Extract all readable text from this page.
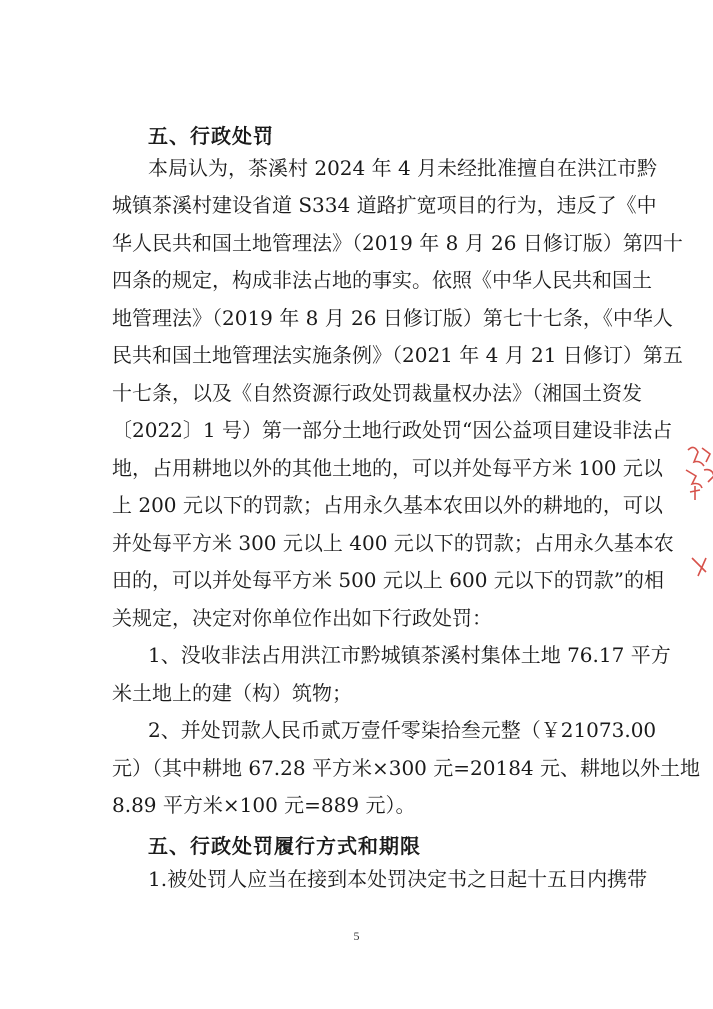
五、行政处罚
本局认为，茶溪村 2024 年 4 月未经批准擅自在洪江市黔
城镇茶溪村建设省道 S334 道路扩宽项目的行为，违反了《中
华人民共和国土地管理法》（2019 年 8 月 26 日修订版）第四十
四条的规定，构成非法占地的事实。依照《中华人民共和国土
地管理法》（2019 年 8 月 26 日修订版）第七十七条，《中华人
民共和国土地管理法实施条例》（2021 年 4 月 21 日修订）第五
十七条，以及《自然资源行政处罚裁量权办法》（湘国土资发
〔2022〕1 号）第一部分土地行政处罚“因公益项目建设非法占
地，占用耕地以外的其他土地的，可以并处每平方米 100 元以
上 200 元以下的罚款；占用永久基本农田以外的耕地的，可以
并处每平方米 300 元以上 400 元以下的罚款；占用永久基本农
田的，可以并处每平方米 500 元以上 600 元以下的罚款”的相
关规定，决定对你单位作出如下行政处罚：
1、没收非法占用洪江市黔城镇茶溪村集体土地 76.17 平方
米土地上的建（构）筑物；
2、并处罚款人民币贰万壹仟零柒拾叁元整（￥21073.00
元）（其中耕地 67.28 平方米×300 元=20184 元、耕地以外土地
8.89 平方米×100 元=889 元）。
五、行政处罚履行方式和期限
1.被处罚人应当在接到本处罚决定书之日起十五日内携带
5
